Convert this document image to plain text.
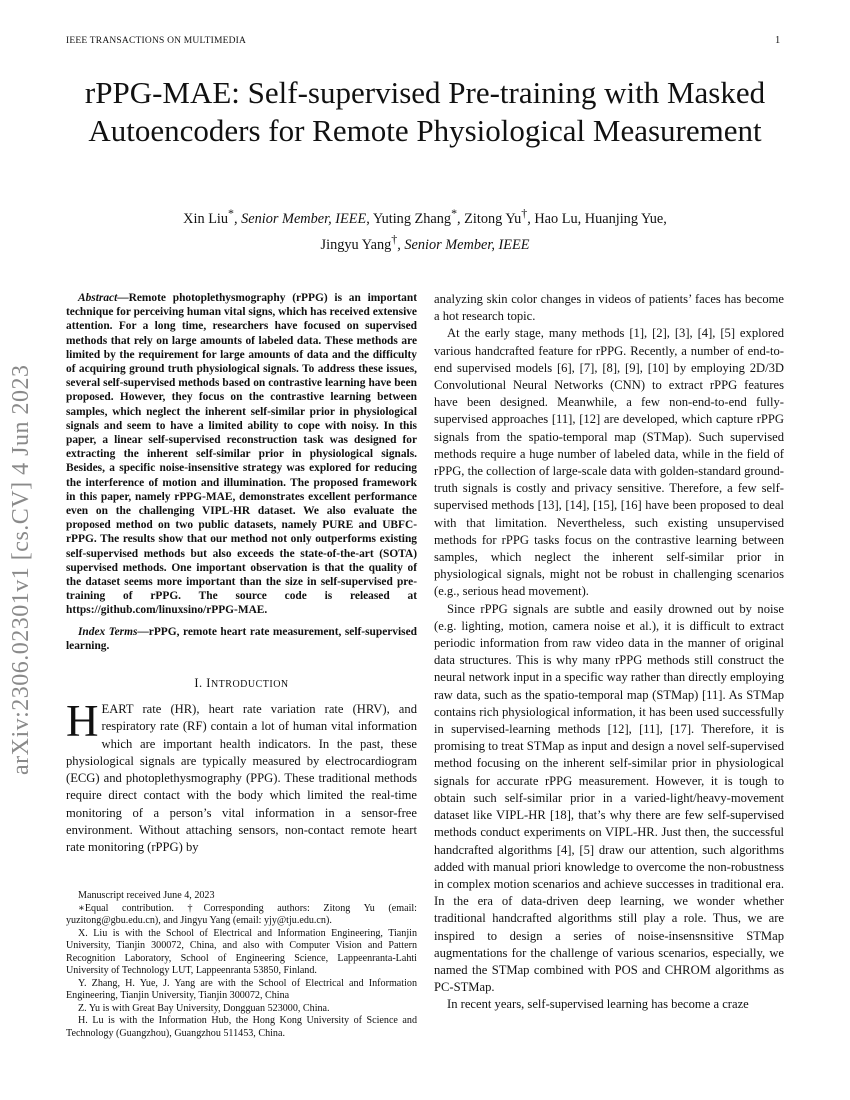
IEEE TRANSACTIONS ON MULTIMEDIA	1
arXiv:2306.02301v1 [cs.CV] 4 Jun 2023
rPPG-MAE: Self-supervised Pre-training with Masked Autoencoders for Remote Physiological Measurement
Xin Liu*, Senior Member, IEEE, Yuting Zhang*, Zitong Yu†, Hao Lu, Huanjing Yue,
Jingyu Yang†, Senior Member, IEEE

Abstract—Remote photoplethysmography (rPPG) is an important technique for perceiving human vital signs, which has received extensive attention. For a long time, researchers have focused on supervised methods that rely on large amounts of labeled data. These methods are limited by the requirement for large amounts of data and the difficulty of acquiring ground truth physiological signals. To address these issues, several self-supervised methods based on contrastive learning have been proposed. However, they focus on the contrastive learning between samples, which neglect the inherent self-similar prior in physiological signals and seem to have a limited ability to cope with noisy. In this paper, a linear self-supervised reconstruction task was designed for extracting the inherent self-similar prior in physiological signals. Besides, a specific noise-insensitive strategy was explored for reducing the interference of motion and illumination. The proposed framework in this paper, namely rPPG-MAE, demonstrates excellent performance even on the challenging VIPL-HR dataset. We also evaluate the proposed method on two public datasets, namely PURE and UBFC-rPPG. The results show that our method not only outperforms existing self-supervised methods but also exceeds the state-of-the-art (SOTA) supervised methods. One important observation is that the quality of the dataset seems more important than the size in self-supervised pre-training of rPPG. The source code is released at https://github.com/linuxsino/rPPG-MAE.

Index Terms—rPPG, remote heart rate measurement, self-supervised learning.

I. INTRODUCTION

HEART rate (HR), heart rate variation rate (HRV), and respiratory rate (RF) contain a lot of human vital information which are important health indicators. In the past, these physiological signals are typically measured by electrocardiogram (ECG) and photoplethysmography (PPG). These traditional methods require direct contact with the body which limited the real-time monitoring of a person’s vital information in a sensor-free environment. Without attaching sensors, non-contact remote heart rate monitoring (rPPG) by

Manuscript received June 4, 2023

∗Equal contribution. †Corresponding authors: Zitong Yu (email: yuzitong@gbu.edu.cn), and Jingyu Yang (email: yjy@tju.edu.cn).

X. Liu is with the School of Electrical and Information Engineering, Tianjin University, Tianjin 300072, China, and also with Computer Vision and Pattern Recognition Laboratory, School of Engineering Science, Lappeenranta-Lahti University of Technology LUT, Lappeenranta 53850, Finland.

Y. Zhang, H. Yue, J. Yang are with the School of Electrical and Information Engineering, Tianjin University, Tianjin 300072, China

Z. Yu is with Great Bay University, Dongguan 523000, China.

H. Lu is with the Information Hub, the Hong Kong University of Science and Technology (Guangzhou), Guangzhou 511453, China.

analyzing skin color changes in videos of patients’ faces has become a hot research topic.

At the early stage, many methods [1], [2], [3], [4], [5] explored various handcrafted feature for rPPG. Recently, a number of end-to-end supervised models [6], [7], [8], [9], [10] by employing 2D/3D Convolutional Neural Networks (CNN) to extract rPPG features have been designed. Meanwhile, a few non-end-to-end fully-supervised approaches [11], [12] are developed, which capture rPPG signals from the spatio-temporal map (STMap). Such supervised methods require a huge number of labeled data, while in the field of rPPG, the collection of large-scale data with golden-standard ground-truth signals is costly and privacy sensitive. Therefore, a few self-supervised methods [13], [14], [15], [16] have been proposed to deal with that limitation. Nevertheless, such existing unsupervised methods for rPPG tasks focus on the contrastive learning between samples, which neglect the inherent self-similar prior in physiological signals, might not be robust in challenging scenarios (e.g., serious head movement).

Since rPPG signals are subtle and easily drowned out by noise (e.g. lighting, motion, camera noise et al.), it is difficult to extract periodic information from raw video data in the manner of original data structures. This is why many rPPG methods still construct the neural network input in a specific way rather than directly employing raw data, such as the spatio-temporal map (STMap) [11]. As STMap contains rich physiological information, it has been used successfully in supervised-learning methods [12], [11], [17]. Therefore, it is promising to treat STMap as input and design a novel self-supervised method focusing on the inherent self-similar prior in physiological signals for accurate rPPG measurement. However, it is tough to obtain such self-similar prior in a varied-light/heavy-movement dataset like VIPL-HR [18], that’s why there are few self-supervised methods conduct experiments on VIPL-HR. Just then, the successful handcrafted algorithms [4], [5] draw our attention, such algorithms added with manual priori knowledge to overcome the non-robustness in complex motion scenarios and achieve successes in traditional era. In the era of data-driven deep learning, we wonder whether traditional handcrafted algorithms still play a role. Thus, we are inspired to design a series of noise-insensnsitive STMap augmentations for the challenge of various scenarios, especially, we named the STMap combined with POS and CHROM algorithms as PC-STMap.

In recent years, self-supervised learning has become a craze
